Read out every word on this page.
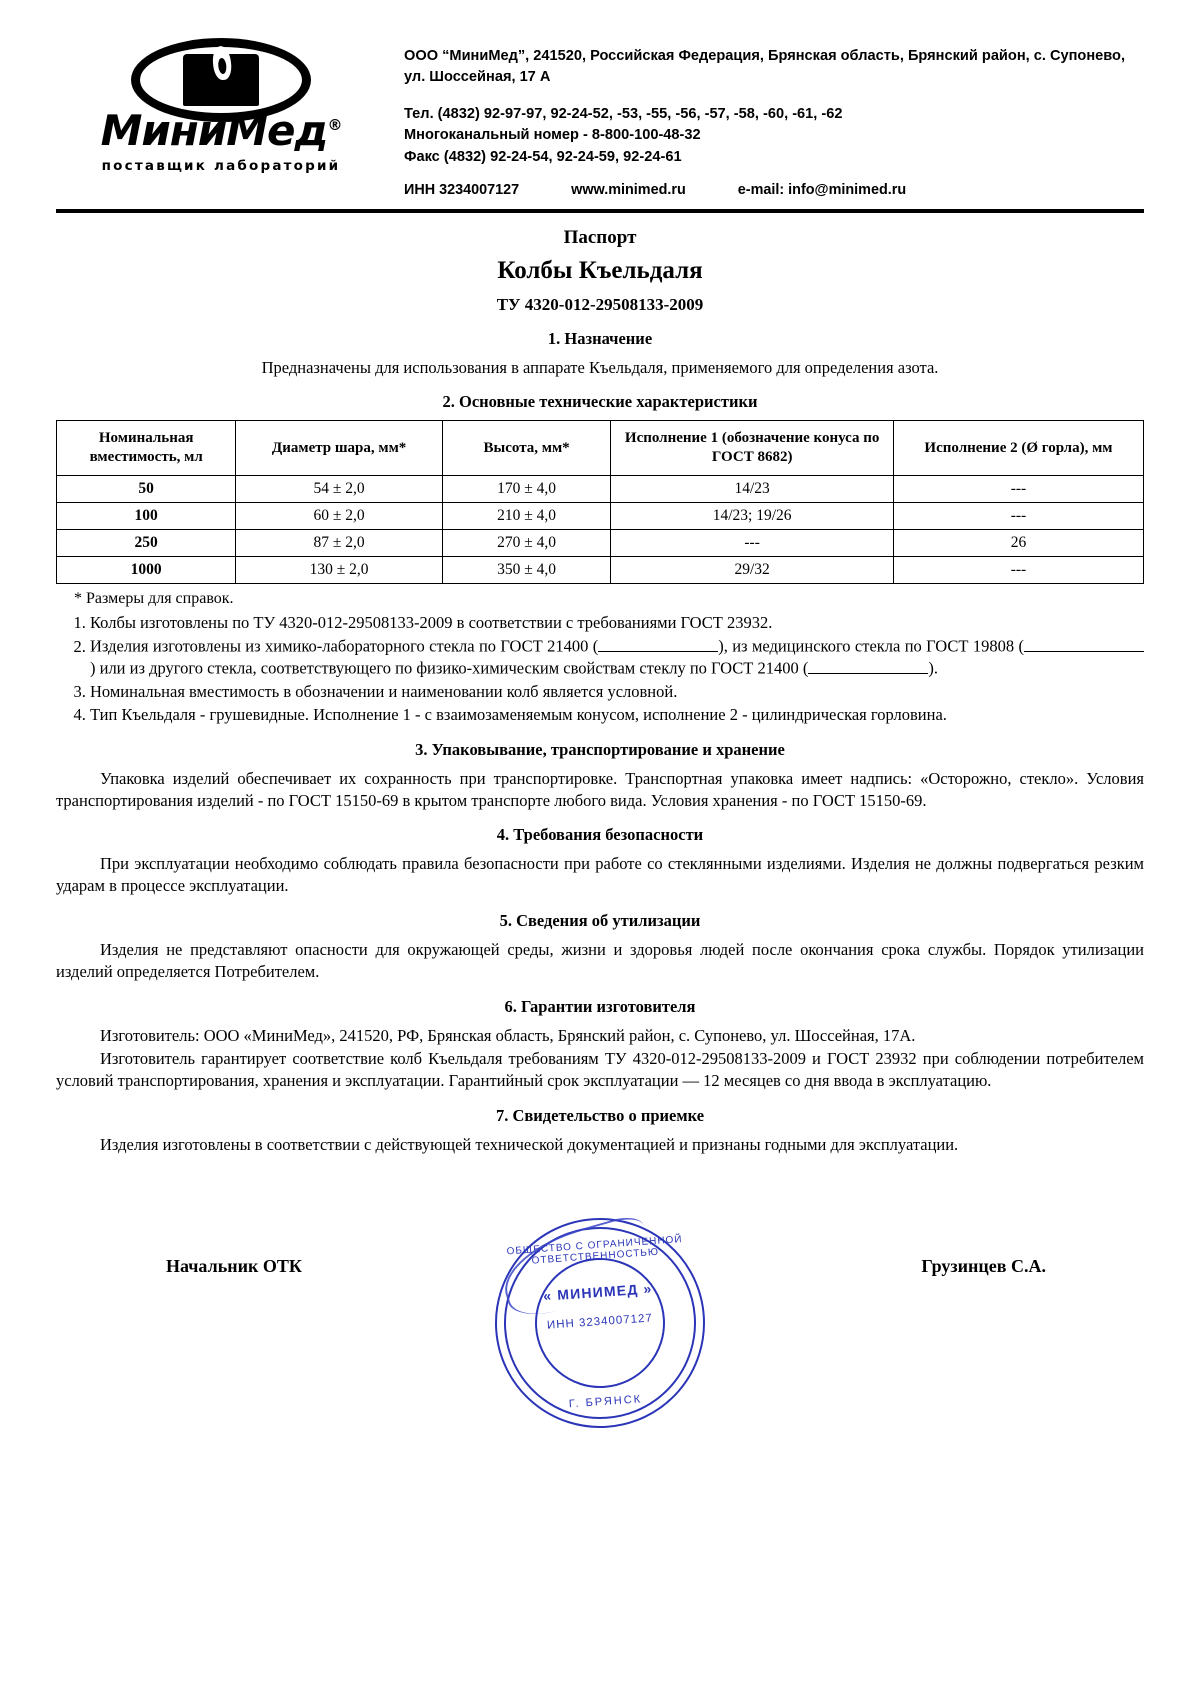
МиниМед®
поставщик лабораторий
ООО “МиниМед”, 241520, Российская Федерация, Брянская область, Брянский район, с. Супонево, ул. Шоссейная, 17 А
Тел. (4832) 92-97-97, 92-24-52, -53, -55, -56, -57, -58, -60, -61, -62
Многоканальный номер - 8-800-100-48-32
Факс (4832) 92-24-54, 92-24-59, 92-24-61
ИНН 3234007127	www.minimed.ru	e-mail: info@minimed.ru
Паспорт
Колбы Къельдаля
ТУ 4320-012-29508133-2009
1. Назначение
Предназначены для использования в аппарате Къельдаля, применяемого для определения азота.
2. Основные технические характеристики
Номинальная вместимость, мл	Диаметр шара, мм*	Высота, мм*	Исполнение 1 (обозначение конуса по ГОСТ 8682)	Исполнение 2 (Ø горла), мм
50	54 ± 2,0	170 ± 4,0	14/23	---
100	60 ± 2,0	210 ± 4,0	14/23; 19/26	---
250	87 ± 2,0	270 ± 4,0	---	26
1000	130 ± 2,0	350 ± 4,0	29/32	---
* Размеры для справок.
1. Колбы изготовлены по ТУ 4320-012-29508133-2009 в соответствии с требованиями ГОСТ 23932.
2. Изделия изготовлены из химико-лабораторного стекла по ГОСТ 21400 (	), из медицинского стекла по ГОСТ 19808 () или из другого стекла, соответствующего по физико-химическим свойствам стеклу по ГОСТ 21400 (	).
3. Номинальная вместимость в обозначении и наименовании колб является условной.
4. Тип Къельдаля - грушевидные. Исполнение 1 - с взаимозаменяемым конусом, исполнение 2 - цилиндрическая горловина.
3. Упаковывание, транспортирование и хранение
Упаковка изделий обеспечивает их сохранность при транспортировке. Транспортная упаковка имеет надпись: «Осторожно, стекло». Условия транспортирования изделий - по ГОСТ 15150-69 в крытом транспорте любого вида. Условия хранения - по ГОСТ 15150-69.
4. Требования безопасности
При эксплуатации необходимо соблюдать правила безопасности при работе со стеклянными изделиями. Изделия не должны подвергаться резким ударам в процессе эксплуатации.
5. Сведения об утилизации
Изделия не представляют опасности для окружающей среды, жизни и здоровья людей после окончания срока службы. Порядок утилизации изделий определяется Потребителем.
6. Гарантии изготовителя
Изготовитель: ООО «МиниМед», 241520, РФ, Брянская область, Брянский район, с. Супонево, ул. Шоссейная, 17А.
Изготовитель гарантирует соответствие колб Къельдаля требованиям ТУ 4320-012-29508133-2009 и ГОСТ 23932 при соблюдении потребителем условий транспортирования, хранения и эксплуатации. Гарантийный срок эксплуатации — 12 месяцев со дня ввода в эксплуатацию.
7. Свидетельство о приемке
Изделия изготовлены в соответствии с действующей технической документацией и признаны годными для эксплуатации.
Начальник ОТК
ОБЩЕСТВО С ОГРАНИЧЕННОЙ ОТВЕТСТВЕННОСТЬЮ
« МИНИМЕД »
ИНН 3234007127
Г. БРЯНСК
Грузинцев С.А.
